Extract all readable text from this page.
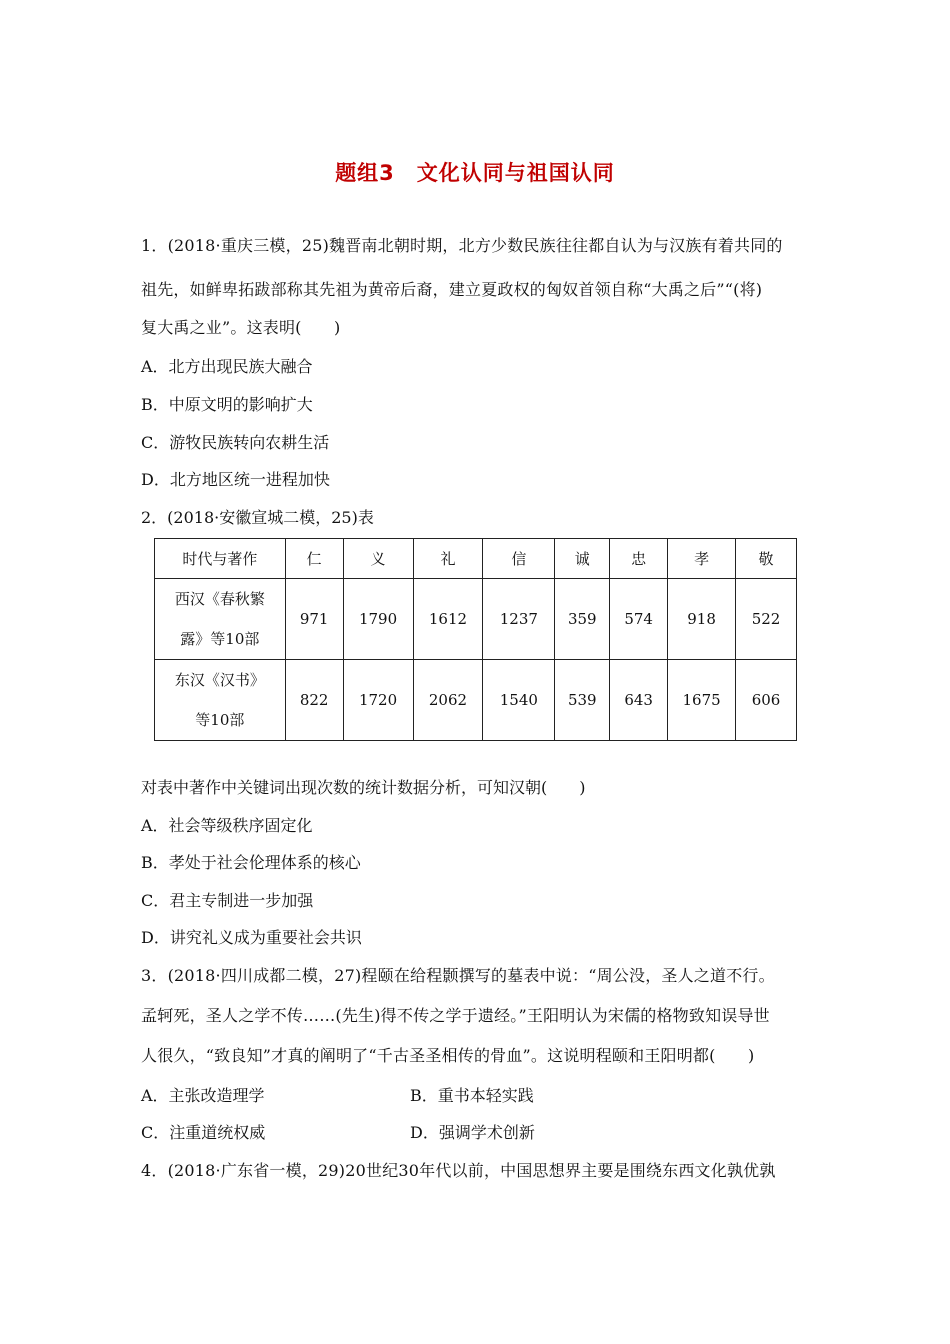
题组3　文化认同与祖国认同
1．(2018·重庆三模，25)魏晋南北朝时期，北方少数民族往往都自认为与汉族有着共同的
祖先，如鲜卑拓跋部称其先祖为黄帝后裔，建立夏政权的匈奴首领自称“大禹之后”“(将)
复大禹之业”。这表明(　　)
A．北方出现民族大融合
B．中原文明的影响扩大
C．游牧民族转向农耕生活
D．北方地区统一进程加快
2．(2018·安徽宣城二模，25)表
时代与著作	仁	义	礼	信	诚	忠	孝	敬

西汉《春秋繁
露》等10部	971	1790	1612	1237	359	574	918	522

东汉《汉书》
等10部	822	1720	2062	1540	539	643	1675	606
对表中著作中关键词出现次数的统计数据分析，可知汉朝(　　)
A．社会等级秩序固定化
B．孝处于社会伦理体系的核心
C．君主专制进一步加强
D．讲究礼义成为重要社会共识
3．(2018·四川成都二模，27)程颐在给程颢撰写的墓表中说：“周公没，圣人之道不行。
孟轲死，圣人之学不传……(先生)得不传之学于遗经。”王阳明认为宋儒的格物致知误导世
人很久，“致良知”才真的阐明了“千古圣圣相传的骨血”。这说明程颐和王阳明都(　　)
A．主张改造理学	B．重书本轻实践
C．注重道统权威	D．强调学术创新
4．(2018·广东省一模，29)20世纪30年代以前，中国思想界主要是围绕东西文化孰优孰
